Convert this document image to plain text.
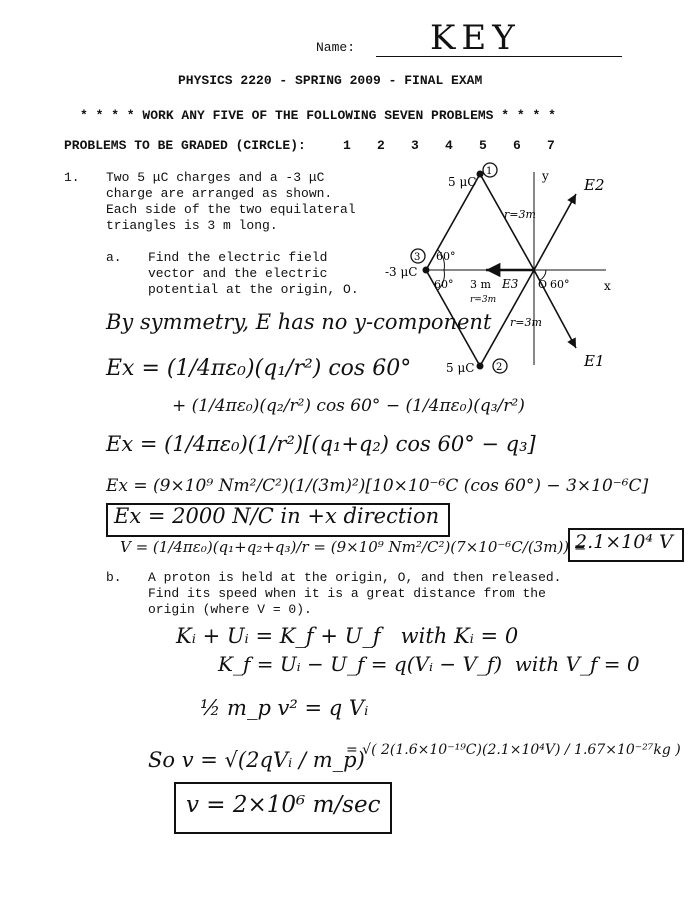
Name: KEY
PHYSICS 2220 - SPRING 2009 - FINAL EXAM
* * * * WORK ANY FIVE OF THE FOLLOWING SEVEN PROBLEMS * * * *
PROBLEMS TO BE GRADED (CIRCLE):	1 2 3 4 5 6 7
1. Two 5 μC charges and a -3 μC
charge are arranged as shown.
Each side of the two equilateral
triangles is 3 m long.
a. Find the electric field
vector and the electric
potential at the origin, O.
5 μC
1
-3 μC
3
5 μC 2
y
x
60°
60°	60°
O
r=3m
r=3m
3 m
r=3m
E2
E1
E3
By symmetry, E has no y-component
Ex = (1/4πε₀)(q₁/r²) cos 60°
+ (1/4πε₀)(q₂/r²) cos 60° − (1/4πε₀)(q₃/r²)
Ex = (1/4πε₀)(1/r²)[(q₁+q₂) cos 60° − q₃]
Ex = (9×10⁹ Nm²/C²)(1/(3m)²)[10×10⁻⁶C (cos 60°) − 3×10⁻⁶C]
Ex = 2000 N/C in +x direction
V = (1/4πε₀)(q₁+q₂+q₃)/r = (9×10⁹ Nm²/C²)(7×10⁻⁶C/(3m)) =
2.1×10⁴ V
b. A proton is held at the origin, O, and then released.
Find its speed when it is a great distance from the
origin (where V = 0).
Kᵢ + Uᵢ = K_f + U_f   with Kᵢ = 0
K_f = Uᵢ − U_f = q(Vᵢ − V_f)  with V_f = 0
½ m_p v² = q Vᵢ
So v = √(2qVᵢ / m_p)
= √( 2(1.6×10⁻¹⁹C)(2.1×10⁴V) / 1.67×10⁻²⁷kg )
v = 2×10⁶ m/sec
